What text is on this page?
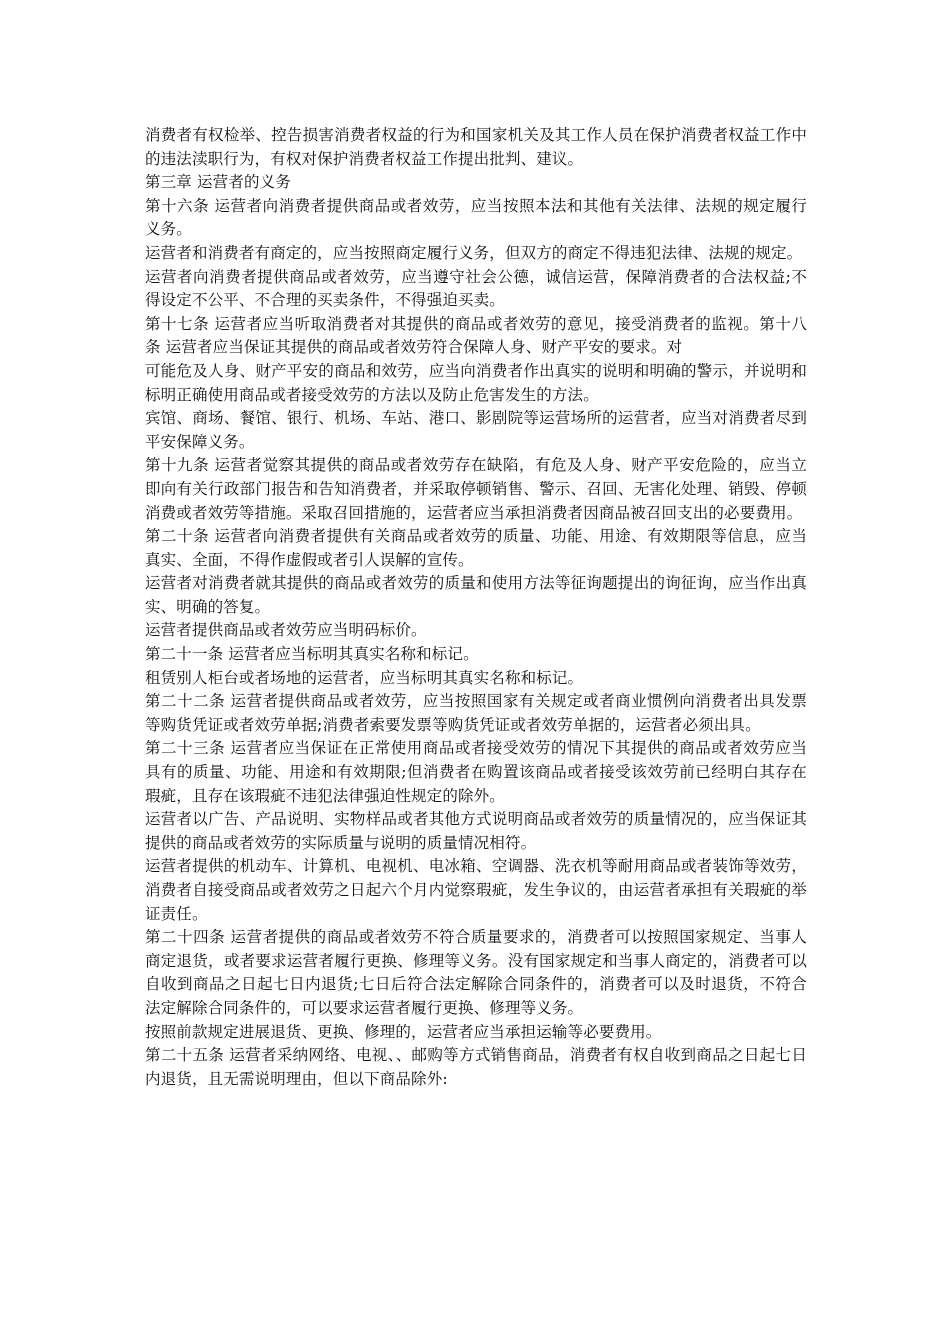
消费者有权检举、控告损害消费者权益的行为和国家机关及其工作人员在保护消费者权益工作中的违法渎职行为，有权对保护消费者权益工作提出批判、建议。

第三章 运营者的义务

第十六条 运营者向消费者提供商品或者效劳，应当按照本法和其他有关法律、法规的规定履行义务。

运营者和消费者有商定的，应当按照商定履行义务，但双方的商定不得违犯法律、法规的规定。

运营者向消费者提供商品或者效劳，应当遵守社会公德，诚信运营，保障消费者的合法权益;不得设定不公平、不合理的买卖条件，不得强迫买卖。

第十七条 运营者应当听取消费者对其提供的商品或者效劳的意见，接受消费者的监视。第十八条 运营者应当保证其提供的商品或者效劳符合保障人身、财产平安的要求。对

可能危及人身、财产平安的商品和效劳，应当向消费者作出真实的说明和明确的警示，并说明和标明正确使用商品或者接受效劳的方法以及防止危害发生的方法。

宾馆、商场、餐馆、银行、机场、车站、港口、影剧院等运营场所的运营者，应当对消费者尽到平安保障义务。

第十九条 运营者觉察其提供的商品或者效劳存在缺陷，有危及人身、财产平安危险的，应当立即向有关行政部门报告和告知消费者，并采取停顿销售、警示、召回、无害化处理、销毁、停顿消费或者效劳等措施。采取召回措施的，运营者应当承担消费者因商品被召回支出的必要费用。

第二十条 运营者向消费者提供有关商品或者效劳的质量、功能、用途、有效期限等信息，应当真实、全面，不得作虚假或者引人误解的宣传。

运营者对消费者就其提供的商品或者效劳的质量和使用方法等征询题提出的询征询，应当作出真实、明确的答复。

运营者提供商品或者效劳应当明码标价。

第二十一条 运营者应当标明其真实名称和标记。

租赁别人柜台或者场地的运营者，应当标明其真实名称和标记。

第二十二条 运营者提供商品或者效劳，应当按照国家有关规定或者商业惯例向消费者出具发票等购货凭证或者效劳单据;消费者索要发票等购货凭证或者效劳单据的，运营者必须出具。

第二十三条 运营者应当保证在正常使用商品或者接受效劳的情况下其提供的商品或者效劳应当具有的质量、功能、用途和有效期限;但消费者在购置该商品或者接受该效劳前已经明白其存在瑕疵，且存在该瑕疵不违犯法律强迫性规定的除外。

运营者以广告、产品说明、实物样品或者其他方式说明商品或者效劳的质量情况的，应当保证其提供的商品或者效劳的实际质量与说明的质量情况相符。

运营者提供的机动车、计算机、电视机、电冰箱、空调器、洗衣机等耐用商品或者装饰等效劳，消费者自接受商品或者效劳之日起六个月内觉察瑕疵，发生争议的，由运营者承担有关瑕疵的举证责任。

第二十四条 运营者提供的商品或者效劳不符合质量要求的，消费者可以按照国家规定、当事人商定退货，或者要求运营者履行更换、修理等义务。没有国家规定和当事人商定的，消费者可以自收到商品之日起七日内退货;七日后符合法定解除合同条件的，消费者可以及时退货，不符合法定解除合同条件的，可以要求运营者履行更换、修理等义务。

按照前款规定进展退货、更换、修理的，运营者应当承担运输等必要费用。

第二十五条 运营者采纳网络、电视、、邮购等方式销售商品，消费者有权自收到商品之日起七日内退货，且无需说明理由，但以下商品除外:
